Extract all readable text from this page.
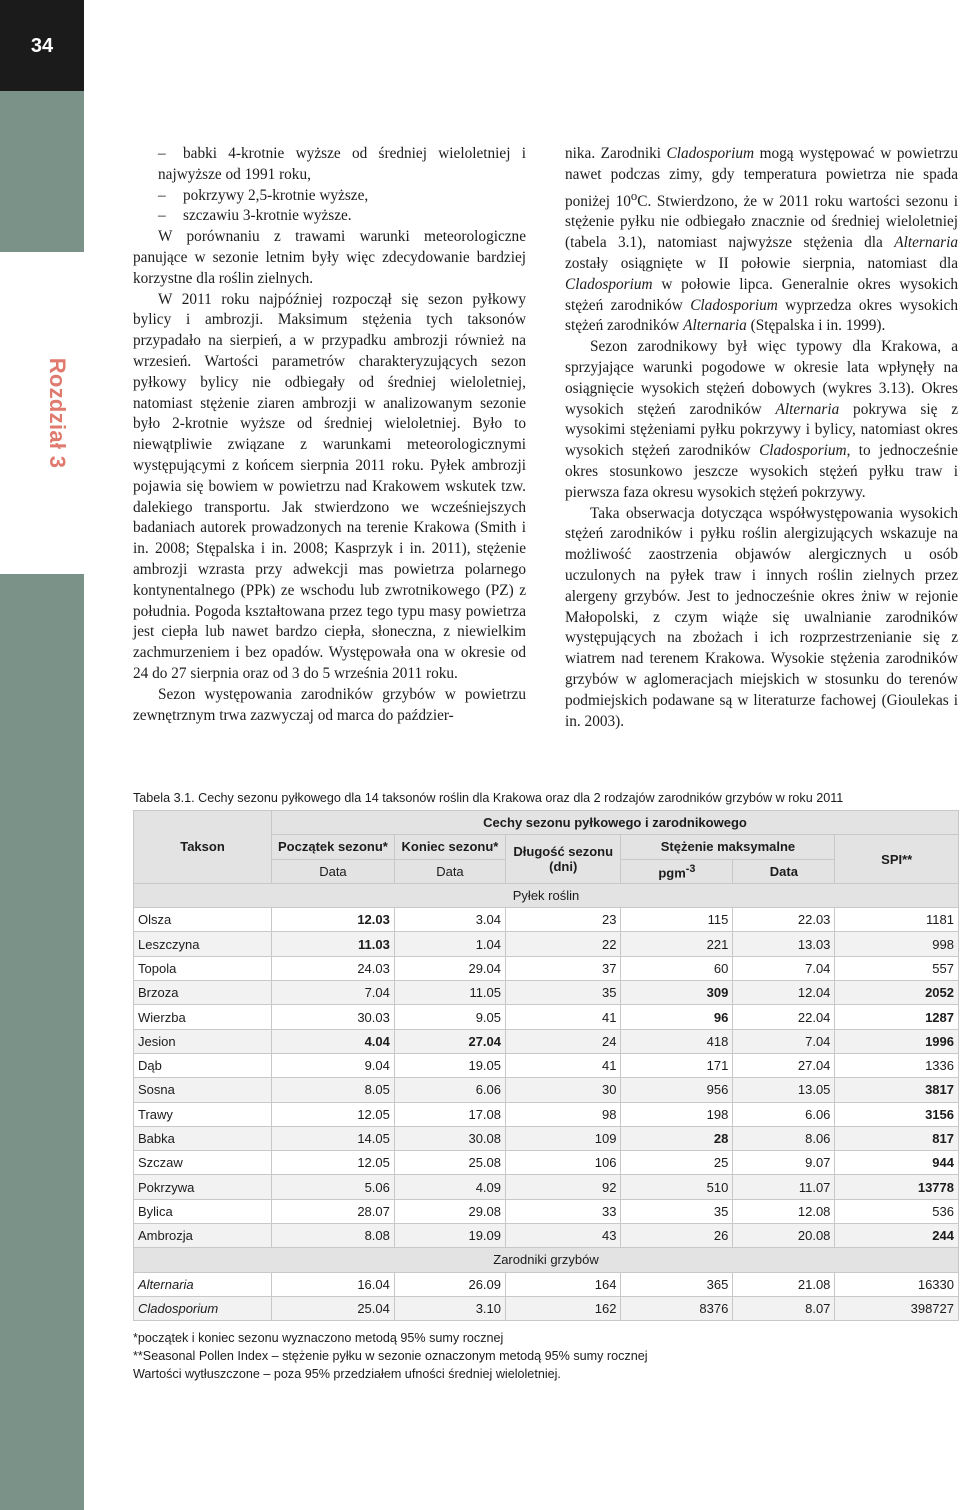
34
Rozdział 3

– babki 4-krotnie wyższe od średniej wieloletniej i najwyższe od 1991 roku,

– pokrzywy 2,5-krotnie wyższe,

– szczawiu 3-krotnie wyższe.

W porównaniu z trawami warunki meteorologiczne panujące w sezonie letnim były więc zdecydowanie bardziej korzystne dla roślin zielnych.

W 2011 roku najpóźniej rozpoczął się sezon pyłkowy bylicy i ambrozji. Maksimum stężenia tych taksonów przypadało na sierpień, a w przypadku ambrozji również na wrzesień. Wartości parametrów charakteryzujących sezon pyłkowy bylicy nie odbiegały od średniej wieloletniej, natomiast stężenie ziaren ambrozji w analizowanym sezonie było 2-krotnie wyższe od średniej wieloletniej. Było to niewątpliwie związane z warunkami meteorologicznymi występującymi z końcem sierpnia 2011 roku. Pyłek ambrozji pojawia się bowiem w powietrzu nad Krakowem wskutek tzw. dalekiego transportu. Jak stwierdzono we wcześniejszych badaniach autorek prowadzonych na terenie Krakowa (Smith i in. 2008; Stępalska i in. 2008; Kasprzyk i in. 2011), stężenie ambrozji wzrasta przy adwekcji mas powietrza polarnego kontynentalnego (PPk) ze wschodu lub zwrotnikowego (PZ) z południa. Pogoda kształtowana przez tego typu masy powietrza jest ciepła lub nawet bardzo ciepła, słoneczna, z niewielkim zachmurzeniem i bez opadów. Występowała ona w okresie od 24 do 27 sierpnia oraz od 3 do 5 września 2011 roku.

Sezon występowania zarodników grzybów w powietrzu zewnętrznym trwa zazwyczaj od marca do paździer-

nika. Zarodniki Cladosporium mogą występować w powietrzu nawet podczas zimy, gdy temperatura powietrza nie spada poniżej 10$^o$C. Stwierdzono, że w 2011 roku wartości sezonu i stężenie pyłku nie odbiegało znacznie od średniej wieloletniej (tabela 3.1), natomiast najwyższe stężenia dla Alternaria zostały osiągnięte w II połowie sierpnia, natomiast dla Cladosporium w połowie lipca. Generalnie okres wysokich stężeń zarodników Cladosporium wyprzedza okres wysokich stężeń zarodników Alternaria (Stępalska i in. 1999).

Sezon zarodnikowy był więc typowy dla Krakowa, a sprzyjające warunki pogodowe w okresie lata wpłynęły na osiągnięcie wysokich stężeń dobowych (wykres 3.13). Okres wysokich stężeń zarodników Alternaria pokrywa się z wysokimi stężeniami pyłku pokrzywy i bylicy, natomiast okres wysokich stężeń zarodników Cladosporium, to jednocześnie okres stosunkowo jeszcze wysokich stężeń pyłku traw i pierwsza faza okresu wysokich stężeń pokrzywy.

Taka obserwacja dotycząca współwystępowania wysokich stężeń zarodników i pyłku roślin alergizujących wskazuje na możliwość zaostrzenia objawów alergicznych u osób uczulonych na pyłek traw i innych roślin zielnych przez alergeny grzybów. Jest to jednocześnie okres żniw w rejonie Małopolski, z czym wiąże się uwalnianie zarodników występujących na zbożach i ich rozprzestrzenianie się z wiatrem nad terenem Krakowa. Wysokie stężenia zarodników grzybów w aglomeracjach miejskich w stosunku do terenów podmiejskich podawane są w literaturze fachowej (Gioulekas i in. 2003).

Tabela 3.1. Cechy sezonu pyłkowego dla 14 taksonów roślin dla Krakowa oraz dla 2 rodzajów zarodników grzybów w roku 2011
Takson	Cechy sezonu pyłkowego i zarodnikowego					
	Początek sezonu*	Koniec sezonu*	Długość sezonu (dni)	Stężenie maksymalne		SPI**
	Data	Data		pgm$^{-3}$	Data	
Pyłek roślin						
Olsza	12.03	3.04	23	115	22.03	1181
Leszczyna	11.03	1.04	22	221	13.03	998
Topola	24.03	29.04	37	60	7.04	557
Brzoza	7.04	11.05	35	309	12.04	2052
Wierzba	30.03	9.05	41	96	22.04	1287
Jesion	4.04	27.04	24	418	7.04	1996
Dąb	9.04	19.05	41	171	27.04	1336
Sosna	8.05	6.06	30	956	13.05	3817
Trawy	12.05	17.08	98	198	6.06	3156
Babka	14.05	30.08	109	28	8.06	817
Szczaw	12.05	25.08	106	25	9.07	944
Pokrzywa	5.06	4.09	92	510	11.07	13778
Bylica	28.07	29.08	33	35	12.08	536
Ambrozja	8.08	19.09	43	26	20.08	244
Zarodniki grzybów						
Alternaria	16.04	26.09	164	365	21.08	16330
Cladosporium	25.04	3.10	162	8376	8.07	398727
*początek i koniec sezonu wyznaczono metodą 95% sumy rocznej
**Seasonal Pollen Index – stężenie pyłku w sezonie oznaczonym metodą 95% sumy rocznej
Wartości wytłuszczone – poza 95% przedziałem ufności średniej wieloletniej.
